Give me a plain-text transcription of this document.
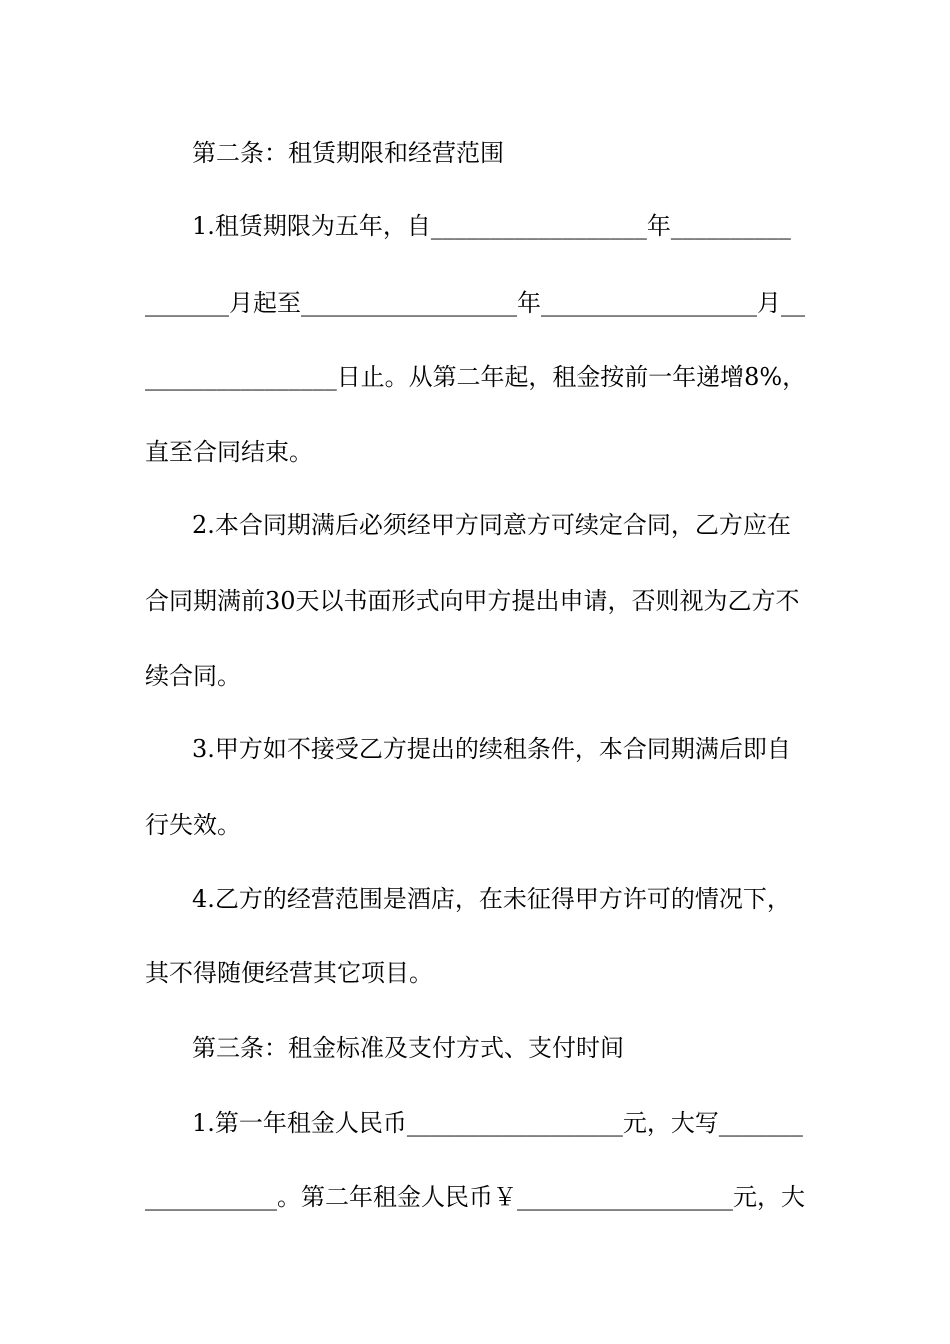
第二条：租赁期限和经营范围
1.租赁期限为五年，自__________________年__________
_______月起至__________________年__________________月__
________________日止。从第二年起，租金按前一年递增8%，
直至合同结束。
2.本合同期满后必须经甲方同意方可续定合同，乙方应在
合同期满前30天以书面形式向甲方提出申请，否则视为乙方不
续合同。
3.甲方如不接受乙方提出的续租条件，本合同期满后即自
行失效。
4.乙方的经营范围是酒店，在未征得甲方许可的情况下，
其不得随便经营其它项目。
第三条：租金标准及支付方式、支付时间
1.第一年租金人民币__________________元，大写_______
___________。第二年租金人民币￥__________________元，大
